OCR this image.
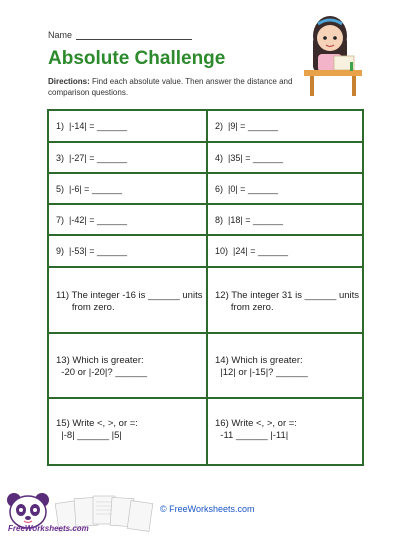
Name
Absolute Challenge
Directions: Find each absolute value. Then answer the distance and comparison questions.
1)  |-14| = ______	2)  |9| = ______
3)  |-27| = ______	4)  |35| = ______
5)  |-6| = ______	6)  |0| = ______
7)  |-42| = ______	8)  |18| = ______
9)  |-53| = ______	10)  |24| = ______
11) The integer -16 is ______ units
from zero.
12) The integer 31 is ______ units
from zero.
13) Which is greater:
-20 or |-20|? ______
14) Which is greater:
|12| or |-15|? ______
15) Write <, >, or =:
|-8| ______ |5|
16) Write <, >, or =:
-11 ______ |-11|
FreeWorksheets.com
© FreeWorksheets.com
